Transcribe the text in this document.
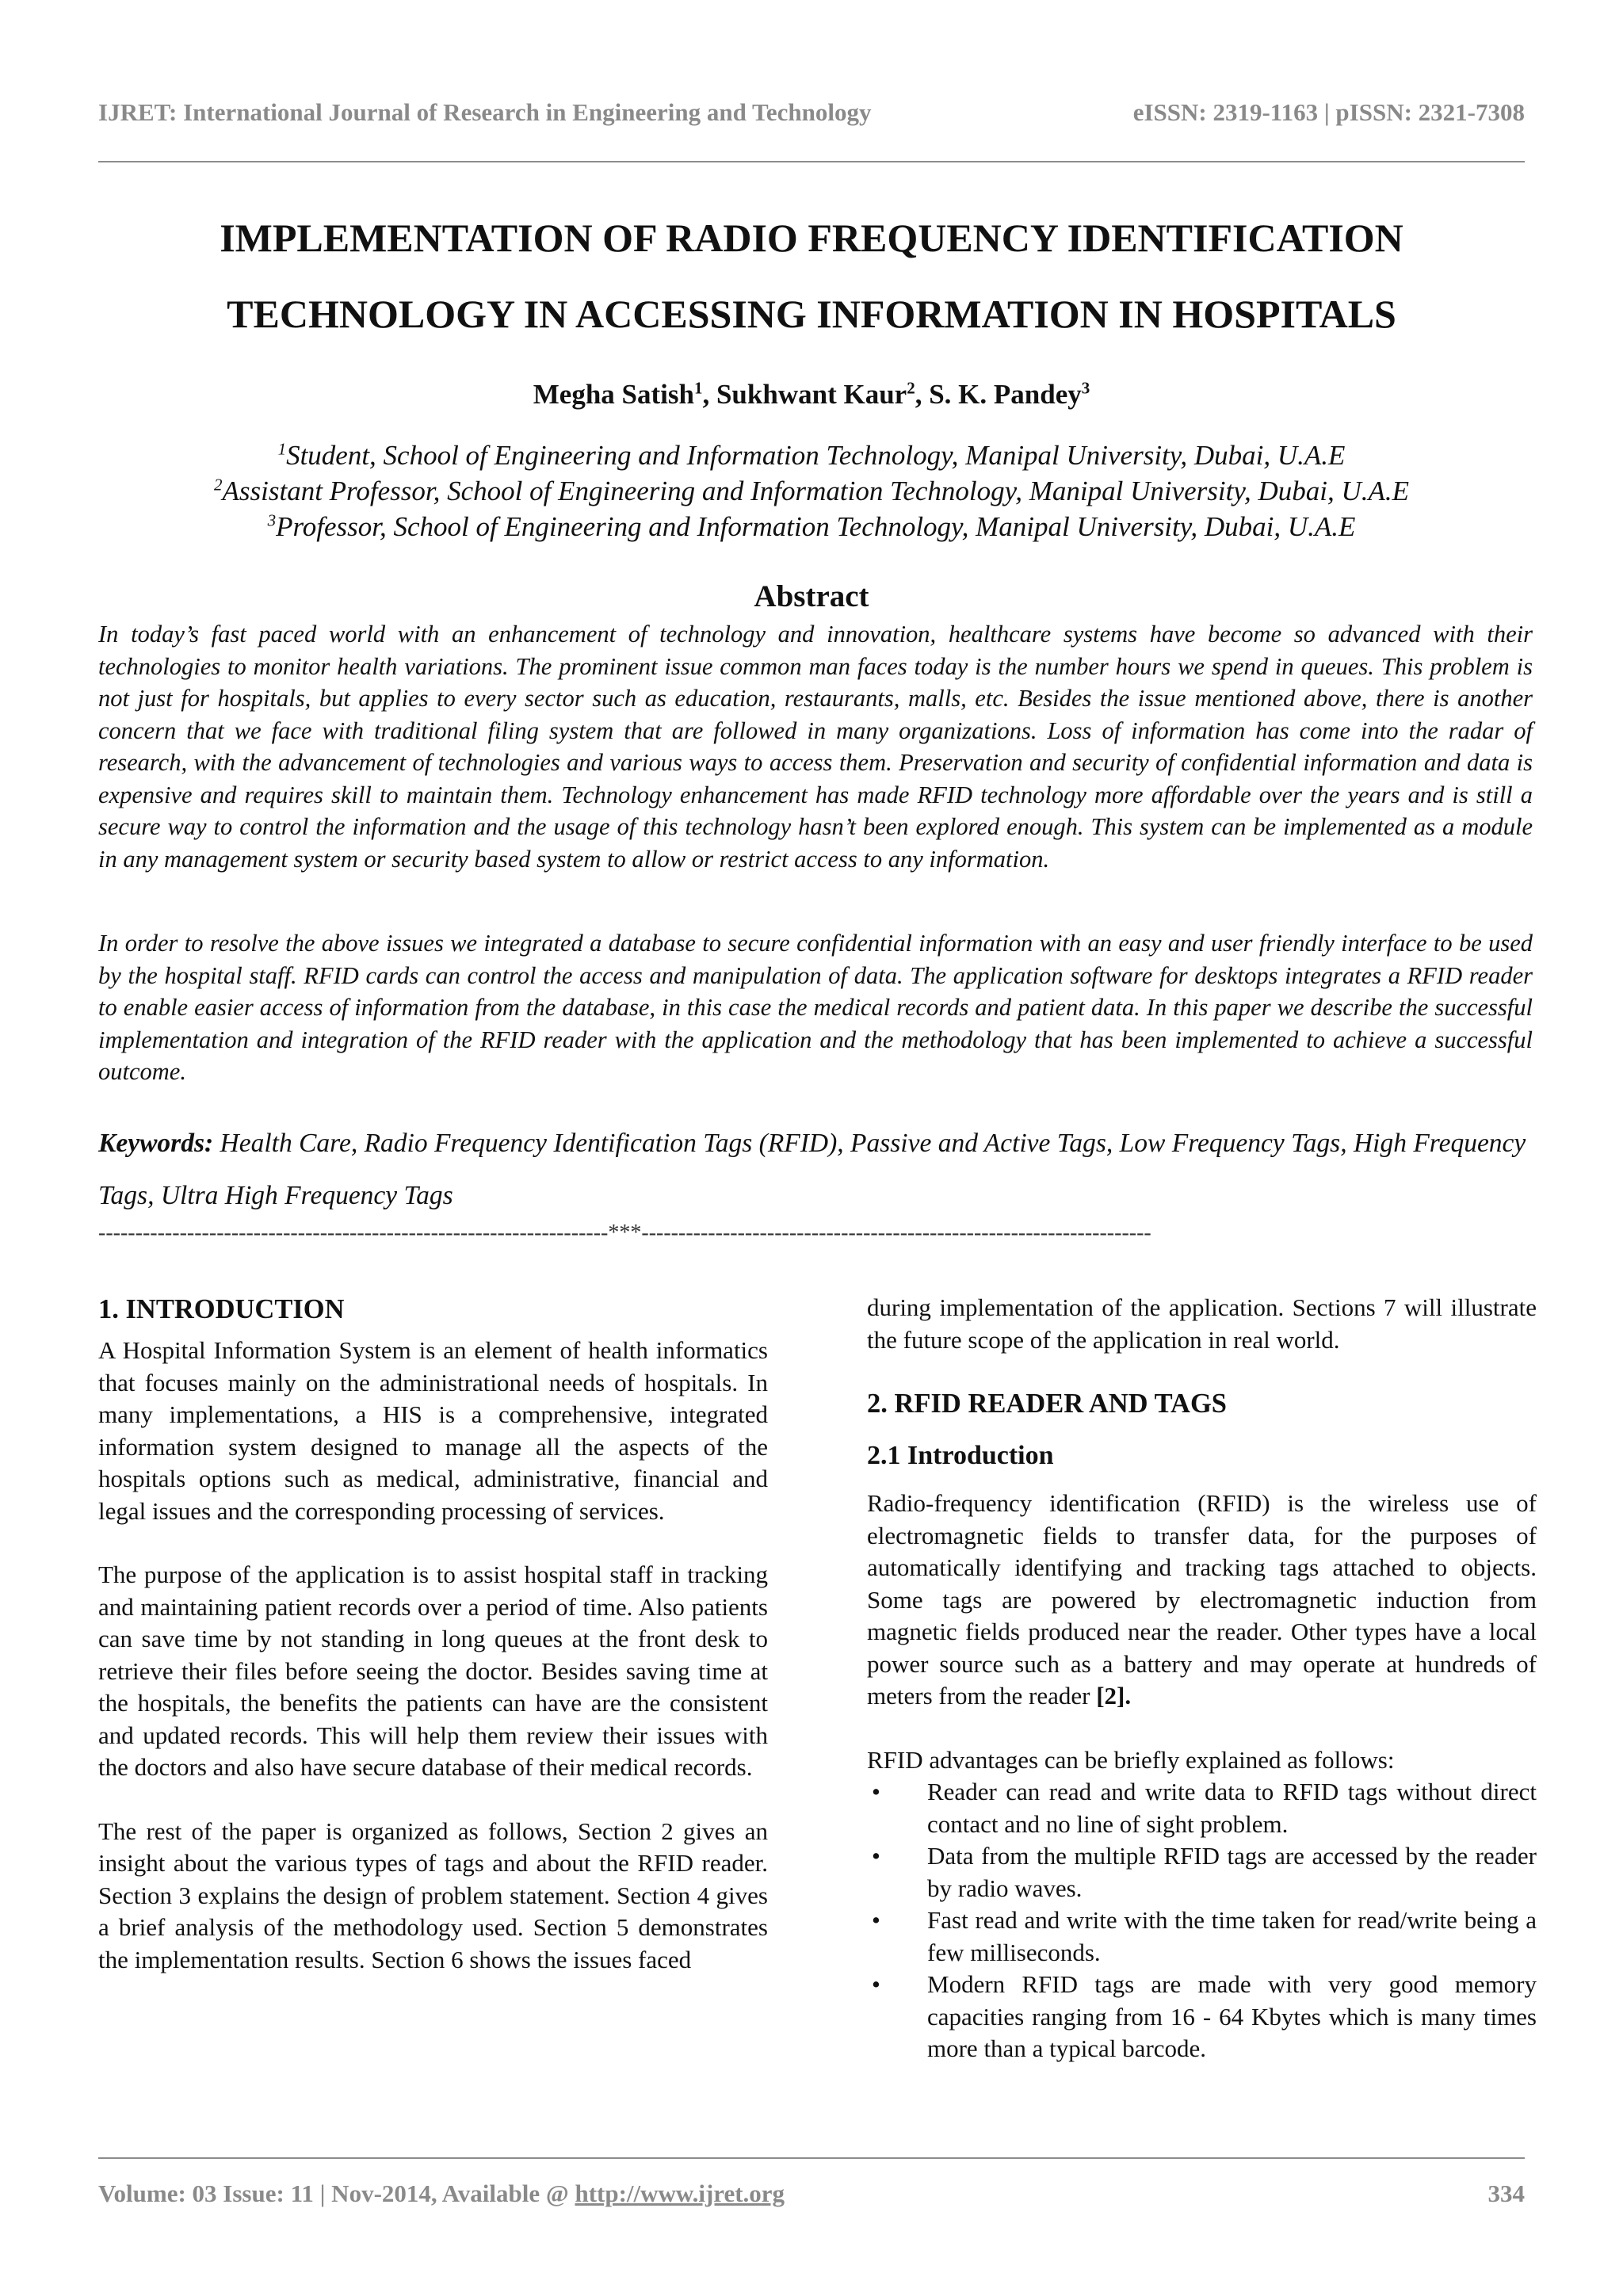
IJRET: International Journal of Research in Engineering and Technology	eISSN: 2319-1163 | pISSN: 2321-7308
IMPLEMENTATION OF RADIO FREQUENCY IDENTIFICATION
TECHNOLOGY IN ACCESSING INFORMATION IN HOSPITALS
Megha Satish$^1$, Sukhwant Kaur$^2$, S. K. Pandey$^3$
$^1$Student, School of Engineering and Information Technology, Manipal University, Dubai, U.A.E
$^2$Assistant Professor, School of Engineering and Information Technology, Manipal University, Dubai, U.A.E
$^3$Professor, School of Engineering and Information Technology, Manipal University, Dubai, U.A.E
Abstract

In today’s fast paced world with an enhancement of technology and innovation, healthcare systems have become so advanced with their technologies to monitor health variations. The prominent issue common man faces today is the number hours we spend in queues. This problem is not just for hospitals, but applies to every sector such as education, restaurants, malls, etc. Besides the issue mentioned above, there is another concern that we face with traditional filing system that are followed in many organizations. Loss of information has come into the radar of research, with the advancement of technologies and various ways to access them. Preservation and security of confidential information and data is expensive and requires skill to maintain them. Technology enhancement has made RFID technology more affordable over the years and is still a secure way to control the information and the usage of this technology hasn’t been explored enough. This system can be implemented as a module in any management system or security based system to allow or restrict access to any information.

In order to resolve the above issues we integrated a database to secure confidential information with an easy and user friendly interface to be used by the hospital staff. RFID cards can control the access and manipulation of data. The application software for desktops integrates a RFID reader to enable easier access of information from the database, in this case the medical records and patient data. In this paper we describe the successful implementation and integration of the RFID reader with the application and the methodology that has been implemented to achieve a successful outcome.

Keywords: Health Care, Radio Frequency Identification Tags (RFID), Passive and Active Tags, Low Frequency Tags, High Frequency Tags, Ultra High Frequency Tags

---------------------------------------------------------------------***---------------------------------------------------------------------
1. INTRODUCTION

A Hospital Information System is an element of health informatics that focuses mainly on the administrational needs of hospitals. In many implementations, a HIS is a comprehensive, integrated information system designed to manage all the aspects of the hospitals options such as medical, administrative, financial and legal issues and the corresponding processing of services.

The purpose of the application is to assist hospital staff in tracking and maintaining patient records over a period of time. Also patients can save time by not standing in long queues at the front desk to retrieve their files before seeing the doctor. Besides saving time at the hospitals, the benefits the patients can have are the consistent and updated records. This will help them review their issues with the doctors and also have secure database of their medical records.

The rest of the paper is organized as follows, Section 2 gives an insight about the various types of tags and about the RFID reader. Section 3 explains the design of problem statement. Section 4 gives a brief analysis of the methodology used. Section 5 demonstrates the implementation results. Section 6 shows the issues faced

during implementation of the application. Sections 7 will illustrate the future scope of the application in real world.

2. RFID READER AND TAGS
2.1 Introduction

Radio-frequency identification (RFID) is the wireless use of electromagnetic fields to transfer data, for the purposes of automatically identifying and tracking tags attached to objects. Some tags are powered by electromagnetic induction from magnetic fields produced near the reader. Other types have a local power source such as a battery and may operate at hundreds of meters from the reader [2].

RFID advantages can be briefly explained as follows:

• Reader can read and write data to RFID tags without direct contact and no line of sight problem.
• Data from the multiple RFID tags are accessed by the reader by radio waves.
• Fast read and write with the time taken for read/write being a few milliseconds.
• Modern RFID tags are made with very good memory capacities ranging from 16 - 64 Kbytes which is many times more than a typical barcode.
Volume: 03 Issue: 11 | Nov-2014, Available @ http://www.ijret.org	334
